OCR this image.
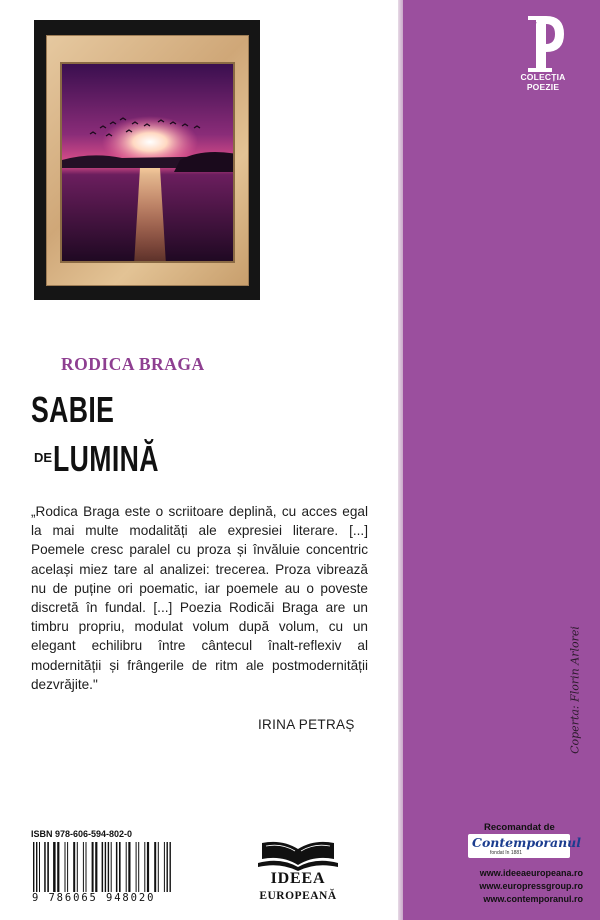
COLECȚIA
POEZIE
Coperta: Florin Arlorei
RODICA BRAGA
SABIE
DE LUMINĂ

„Rodica Braga este o scriitoare deplină, cu acces egal la mai multe modalități ale expresiei literare. [...] Poemele cresc paralel cu proza și învăluie concentric același miez tare al analizei: trecerea. Proza vibrează nu de puține ori poematic, iar poemele au o poveste discretă în fundal. [...] Poezia Rodicăi Braga are un timbru propriu, modulat volum după volum, cu un elegant echilibru între cântecul înalt-reflexiv al modernității și frângerile de ritm ale postmodernității dezvrăjite."

IRINA PETRAȘ
ISBN 978-606-594-802-0
9 786065 948020
IDEEA
EUROPEANĂ
Recomandat de
Contemporanul
fondat în 1881
www.ideeaeuropeana.ro
www.europressgroup.ro
www.contemporanul.ro
